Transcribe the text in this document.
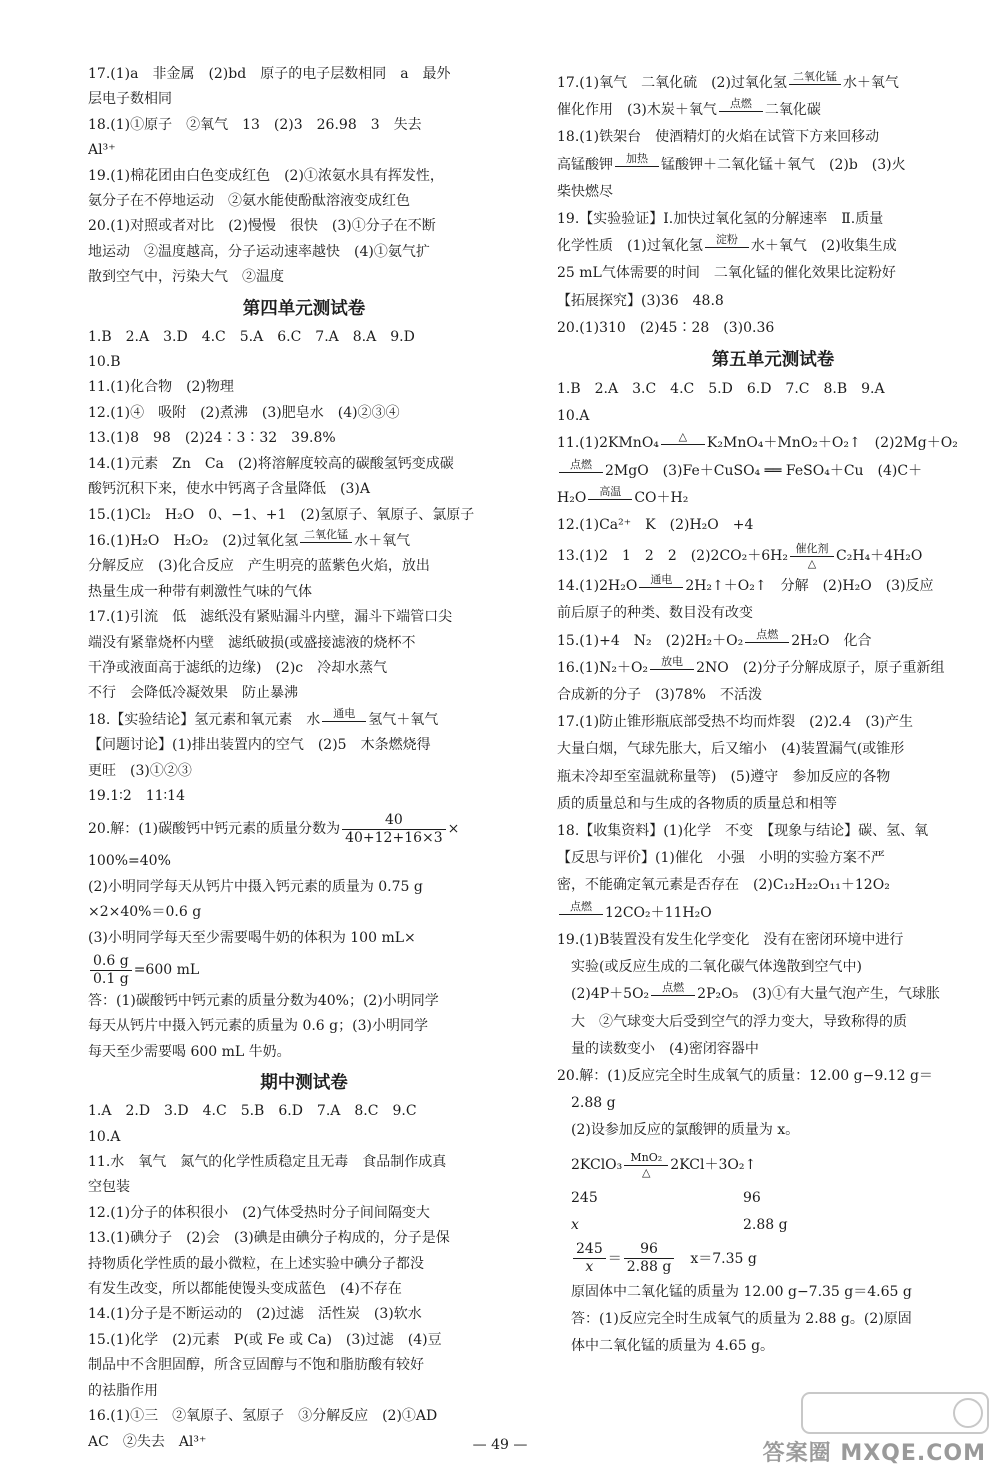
17.(1)a　非金属　(2)bd　原子的电子层数相同　a　最外
层电子数相同
18.(1)①原子　②氧气　13　(2)3　26.98　3　失去
Al³⁺
19.(1)棉花团由白色变成红色　(2)①浓氨水具有挥发性，
氨分子在不停地运动　②氨水能使酚酞溶液变成红色
20.(1)对照或者对比　(2)慢慢　很快　(3)①分子在不断
地运动　②温度越高，分子运动速率越快　(4)①氨气扩
散到空气中，污染大气　②温度
第四单元测试卷
1.B　2.A　3.D　4.C　5.A　6.C　7.A　8.A　9.D
10.B
11.(1)化合物　(2)物理
12.(1)④　吸附　(2)煮沸　(3)肥皂水　(4)②③④
13.(1)8　98　(2)24∶3∶32　39.8%
14.(1)元素　Zn　Ca　(2)将溶解度较高的碳酸氢钙变成碳
酸钙沉积下来，使水中钙离子含量降低　(3)A
15.(1)Cl₂　H₂O　0、−1、+1　(2)氢原子、氧原子、氯原子
16.(1)H₂O　H₂O₂　(2)过氧化氢 二氧化锰 水＋氧气
分解反应　(3)化合反应　产生明亮的蓝紫色火焰，放出
热量生成一种带有刺激性气味的气体
17.(1)引流　低　滤纸没有紧贴漏斗内壁，漏斗下端管口尖
端没有紧靠烧杯内壁　滤纸破损(或盛接滤液的烧杯不
干净或液面高于滤纸的边缘)　(2)c　冷却水蒸气
不行　会降低冷凝效果　防止暴沸
18.【实验结论】氢元素和氧元素　水	通电 氢气＋氧气
【问题讨论】(1)排出装置内的空气　(2)5　木条燃烧得
更旺　(3)①②③
19.1∶2　11∶14
20.解：(1)碳酸钙中钙元素的质量分数为 $\frac{40}{40+12+16\times 3}$ ×
100%=40%
(2)小明同学每天从钙片中摄入钙元素的质量为 0.75 g
×2×40%＝0.6 g
(3)小明同学每天至少需要喝牛奶的体积为 100 mL×
$\frac{0.6 g}{0.1 g} =600$ mL
答：(1)碳酸钙中钙元素的质量分数为40%；(2)小明同学
每天从钙片中摄入钙元素的质量为 0.6 g；(3)小明同学
每天至少需要喝 600 mL 牛奶。
期中测试卷
1.A　2.D　3.D　4.C　5.B　6.D　7.A　8.C　9.C
10.A
11.水　氧气　氮气的化学性质稳定且无毒　食品制作成真
空包装
12.(1)分子的体积很小　(2)气体受热时分子间间隔变大
13.(1)碘分子　(2)会　(3)碘是由碘分子构成的，分子是保
持物质化学性质的最小微粒，在上述实验中碘分子都没
有发生改变，所以都能使馒头变成蓝色　(4)不存在
14.(1)分子是不断运动的　(2)过滤　活性炭　(3)软水
15.(1)化学　(2)元素　P(或 Fe 或 Ca)　(3)过滤　(4)豆
制品中不含胆固醇，所含豆固醇与不饱和脂肪酸有较好
的祛脂作用
16.(1)①三　②氧原子、氢原子　③分解反应　(2)①AD
AC　②失去　Al³⁺
17.(1)氧气　二氧化硫　(2)过氧化氢 二氧化锰 水＋氧气
催化作用　(3)木炭＋氧气	点燃 二氧化碳
18.(1)铁架台　使酒精灯的火焰在试管下方来回移动
高锰酸钾	加热 锰酸钾＋二氧化锰＋氧气　(2)b　(3)火
柴快燃尽
19.【实验验证】Ⅰ.加快过氧化氢的分解速率　Ⅱ.质量
化学性质　(1)过氧化氢	淀粉 水＋氧气　(2)收集生成
25 mL气体需要的时间　二氧化锰的催化效果比淀粉好
【拓展探究】(3)36　48.8
20.(1)310　(2)45∶28　(3)0.36
第五单元测试卷
1.B　2.A　3.C　4.C　5.D　6.D　7.C　8.B　9.A
10.A
11.(1)2KMnO₄	△	K₂MnO₄＋MnO₂＋O₂↑　(2)2Mg＋O₂
点燃 2MgO　(3)Fe＋CuSO₄ ══ FeSO₄＋Cu　(4)C＋
H₂O	高温 CO＋H₂
12.(1)Ca²⁺　K　(2)H₂O　+4
13.(1)2　1　2　2　(2)2CO₂＋6H₂ 催化剂
△	C₂H₄＋4H₂O
14.(1)2H₂O	通电 2H₂↑＋O₂↑　分解　(2)H₂O　(3)反应
前后原子的种类、数目没有改变
15.(1)+4　N₂　(2)2H₂＋O₂	点燃 2H₂O　化合
16.(1)N₂＋O₂	放电 2NO　(2)分子分解成原子，原子重新组
合成新的分子　(3)78%　不活泼
17.(1)防止锥形瓶底部受热不均而炸裂　(2)2.4　(3)产生
大量白烟，气球先胀大，后又缩小　(4)装置漏气(或锥形
瓶未冷却至室温就称量等)　(5)遵守　参加反应的各物
质的质量总和与生成的各物质的质量总和相等
18.【收集资料】(1)化学　不变　【现象与结论】碳、氢、氧
【反思与评价】(1)催化　小强　小明的实验方案不严
密，不能确定氧元素是否存在　(2)C₁₂H₂₂O₁₁＋12O₂
点燃 12CO₂＋11H₂O
19.(1)B装置没有发生化学变化　没有在密闭环境中进行
实验(或反应生成的二氧化碳气体逸散到空气中)
(2)4P＋5O₂	点燃 2P₂O₅　(3)①有大量气泡产生，气球胀
大　②气球变大后受到空气的浮力变大，导致称得的质
量的读数变小　(4)密闭容器中
20.解：(1)反应完全时生成氧气的质量：12.00 g−9.12 g＝
2.88 g
(2)设参加反应的氯酸钾的质量为 x。
2KClO₃ MnO₂
△	2KCl＋3O₂↑
245	96
x	2.88 g
$\frac{245}{x} = \frac{96}{2.88 g}$
　 x＝7.35 g
原固体中二氧化锰的质量为 12.00 g−7.35 g＝4.65 g
答：(1)反应完全时生成氧气的质量为 2.88 g。(2)原固
体中二氧化锰的质量为 4.65 g。
— 49 —	答案圈 MXQE.COM
